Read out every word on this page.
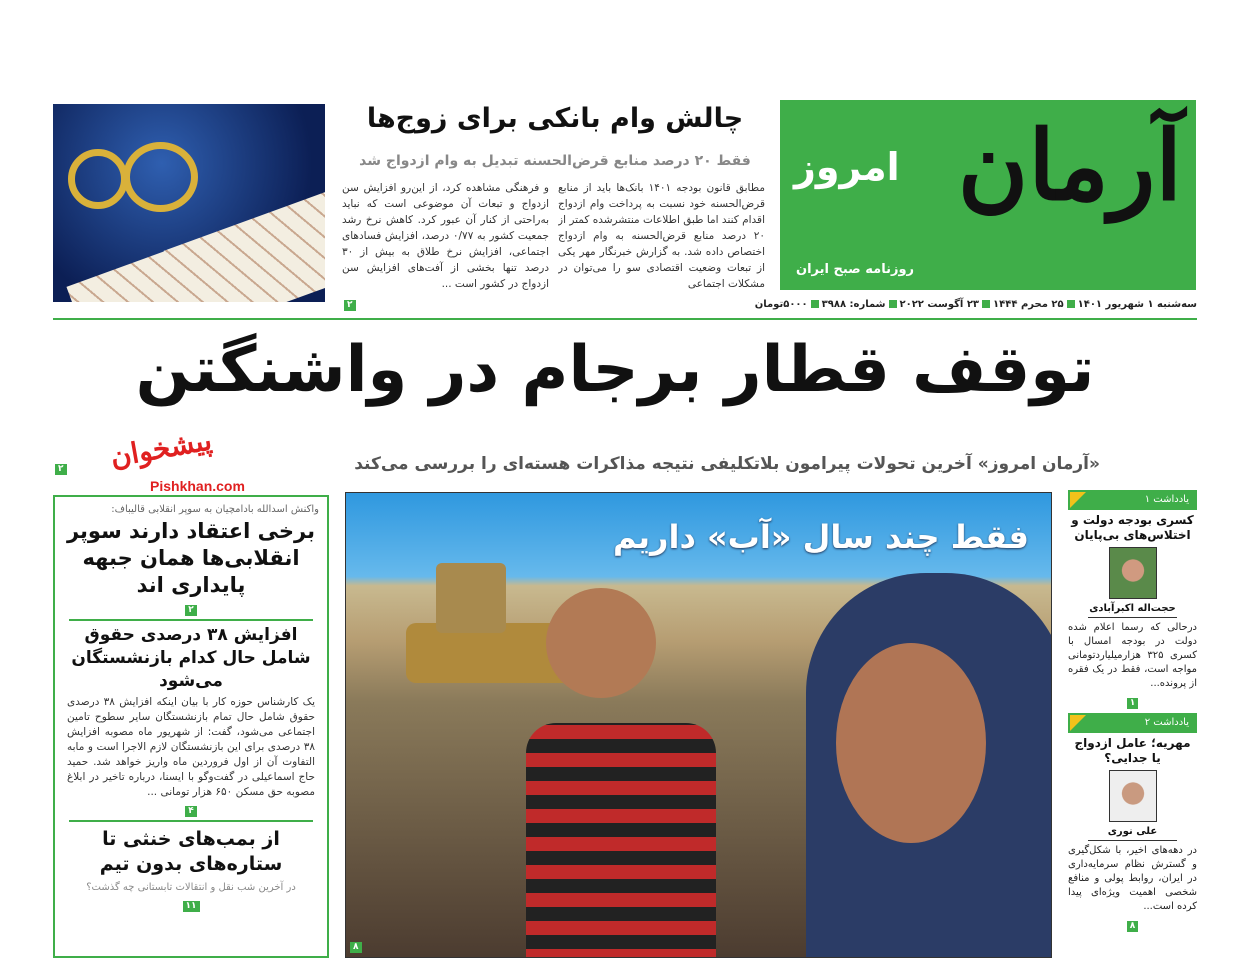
آرمان
امروز
روزنامه صبح ایران
سه‌شنبه ۱ شهریور ۱۴۰۱۲۵ محرم ۱۴۴۴۲۳ آگوست ۲۰۲۲شماره: ۳۹۸۸۵۰۰۰تومان
چالش وام بانکی برای زوج‌ها
فقط ۲۰ درصد منابع قرض‌الحسنه تبدیل به وام ازدواج شد
مطابق قانون بودجه ۱۴۰۱ بانک‌ها باید از منابع قرض‌الحسنه خود نسبت به پرداخت وام ازدواج اقدام کنند اما طبق اطلاعات منتشرشده کمتر از ۲۰ درصد منابع قرض‌الحسنه به وام ازدواج اختصاص داده شد. به گزارش خبرنگار مهر یکی از تبعات وضعیت اقتصادی سو را می‌توان در مشکلات اجتماعی
و فرهنگی مشاهده کرد، از این‌رو افزایش سن ازدواج و تبعات آن موضوعی است که نباید به‌راحتی از کنار آن عبور کرد. کاهش نرخ رشد جمعیت کشور به ۰/۷۷ درصد، افزایش فسادهای اجتماعی، افزایش نرخ طلاق به بیش از ۳۰ درصد تنها بخشی از آفت‌های افزایش سن ازدواج در کشور است ...
۲
توقف قطار برجام در واشنگتن
«آرمان امروز» آخرین تحولات پیرامون بلاتکلیفی نتیجه مذاکرات هسته‌ای را بررسی می‌کند
۲ پیشخوان
Pishkhan.com
واکنش اسدالله بادامچیان به سوپر انقلابی قالیباف:
برخی اعتقاد دارند سوپر انقلابی‌ها همان جبهه پایداری اند
۲
افزایش ۳۸ درصدی حقوق شامل حال کدام بازنشستگان می‌شود
یک کارشناس حوزه کار با بیان اینکه افزایش ۳۸ درصدی حقوق شامل حال تمام بازنشستگان سایر سطوح تامین اجتماعی می‌شود، گفت: از شهریور ماه مصوبه افزایش ۳۸ درصدی برای این بازنشستگان لازم الاجرا است و مابه التفاوت آن از اول فروردین ماه واریز خواهد شد. حمید حاج اسماعیلی در گفت‌وگو با ایسنا، درباره تاخیر در ابلاغ مصوبه حق مسکن ۶۵۰ هزار تومانی ...
۴
از بمب‌های خنثی تا ستاره‌های بدون تیم
در آخرین شب نقل و انتقالات تابستانی چه گذشت؟
۱۱
فقط چند سال «آب» داریم
۸
یادداشت ۱
کسری بودجه دولت و اختلاس‌های بی‌پایان
حجت‌اله اکبرآبادی
درحالی که رسما اعلام شده دولت در بودجه امسال با کسری ۳۲۵ هزارمیلیاردتومانی مواجه است، فقط در یک فقره از پرونده...
۱
یادداشت ۲
مهریه؛ عامل ازدواج یا جدایی؟
علی نوری
در دهه‌های اخیر، با شکل‌گیری و گسترش نظام سرمایه‌داری در ایران، روابط پولی و منافع شخصی اهمیت ویژه‌ای پیدا کرده است...
۸
